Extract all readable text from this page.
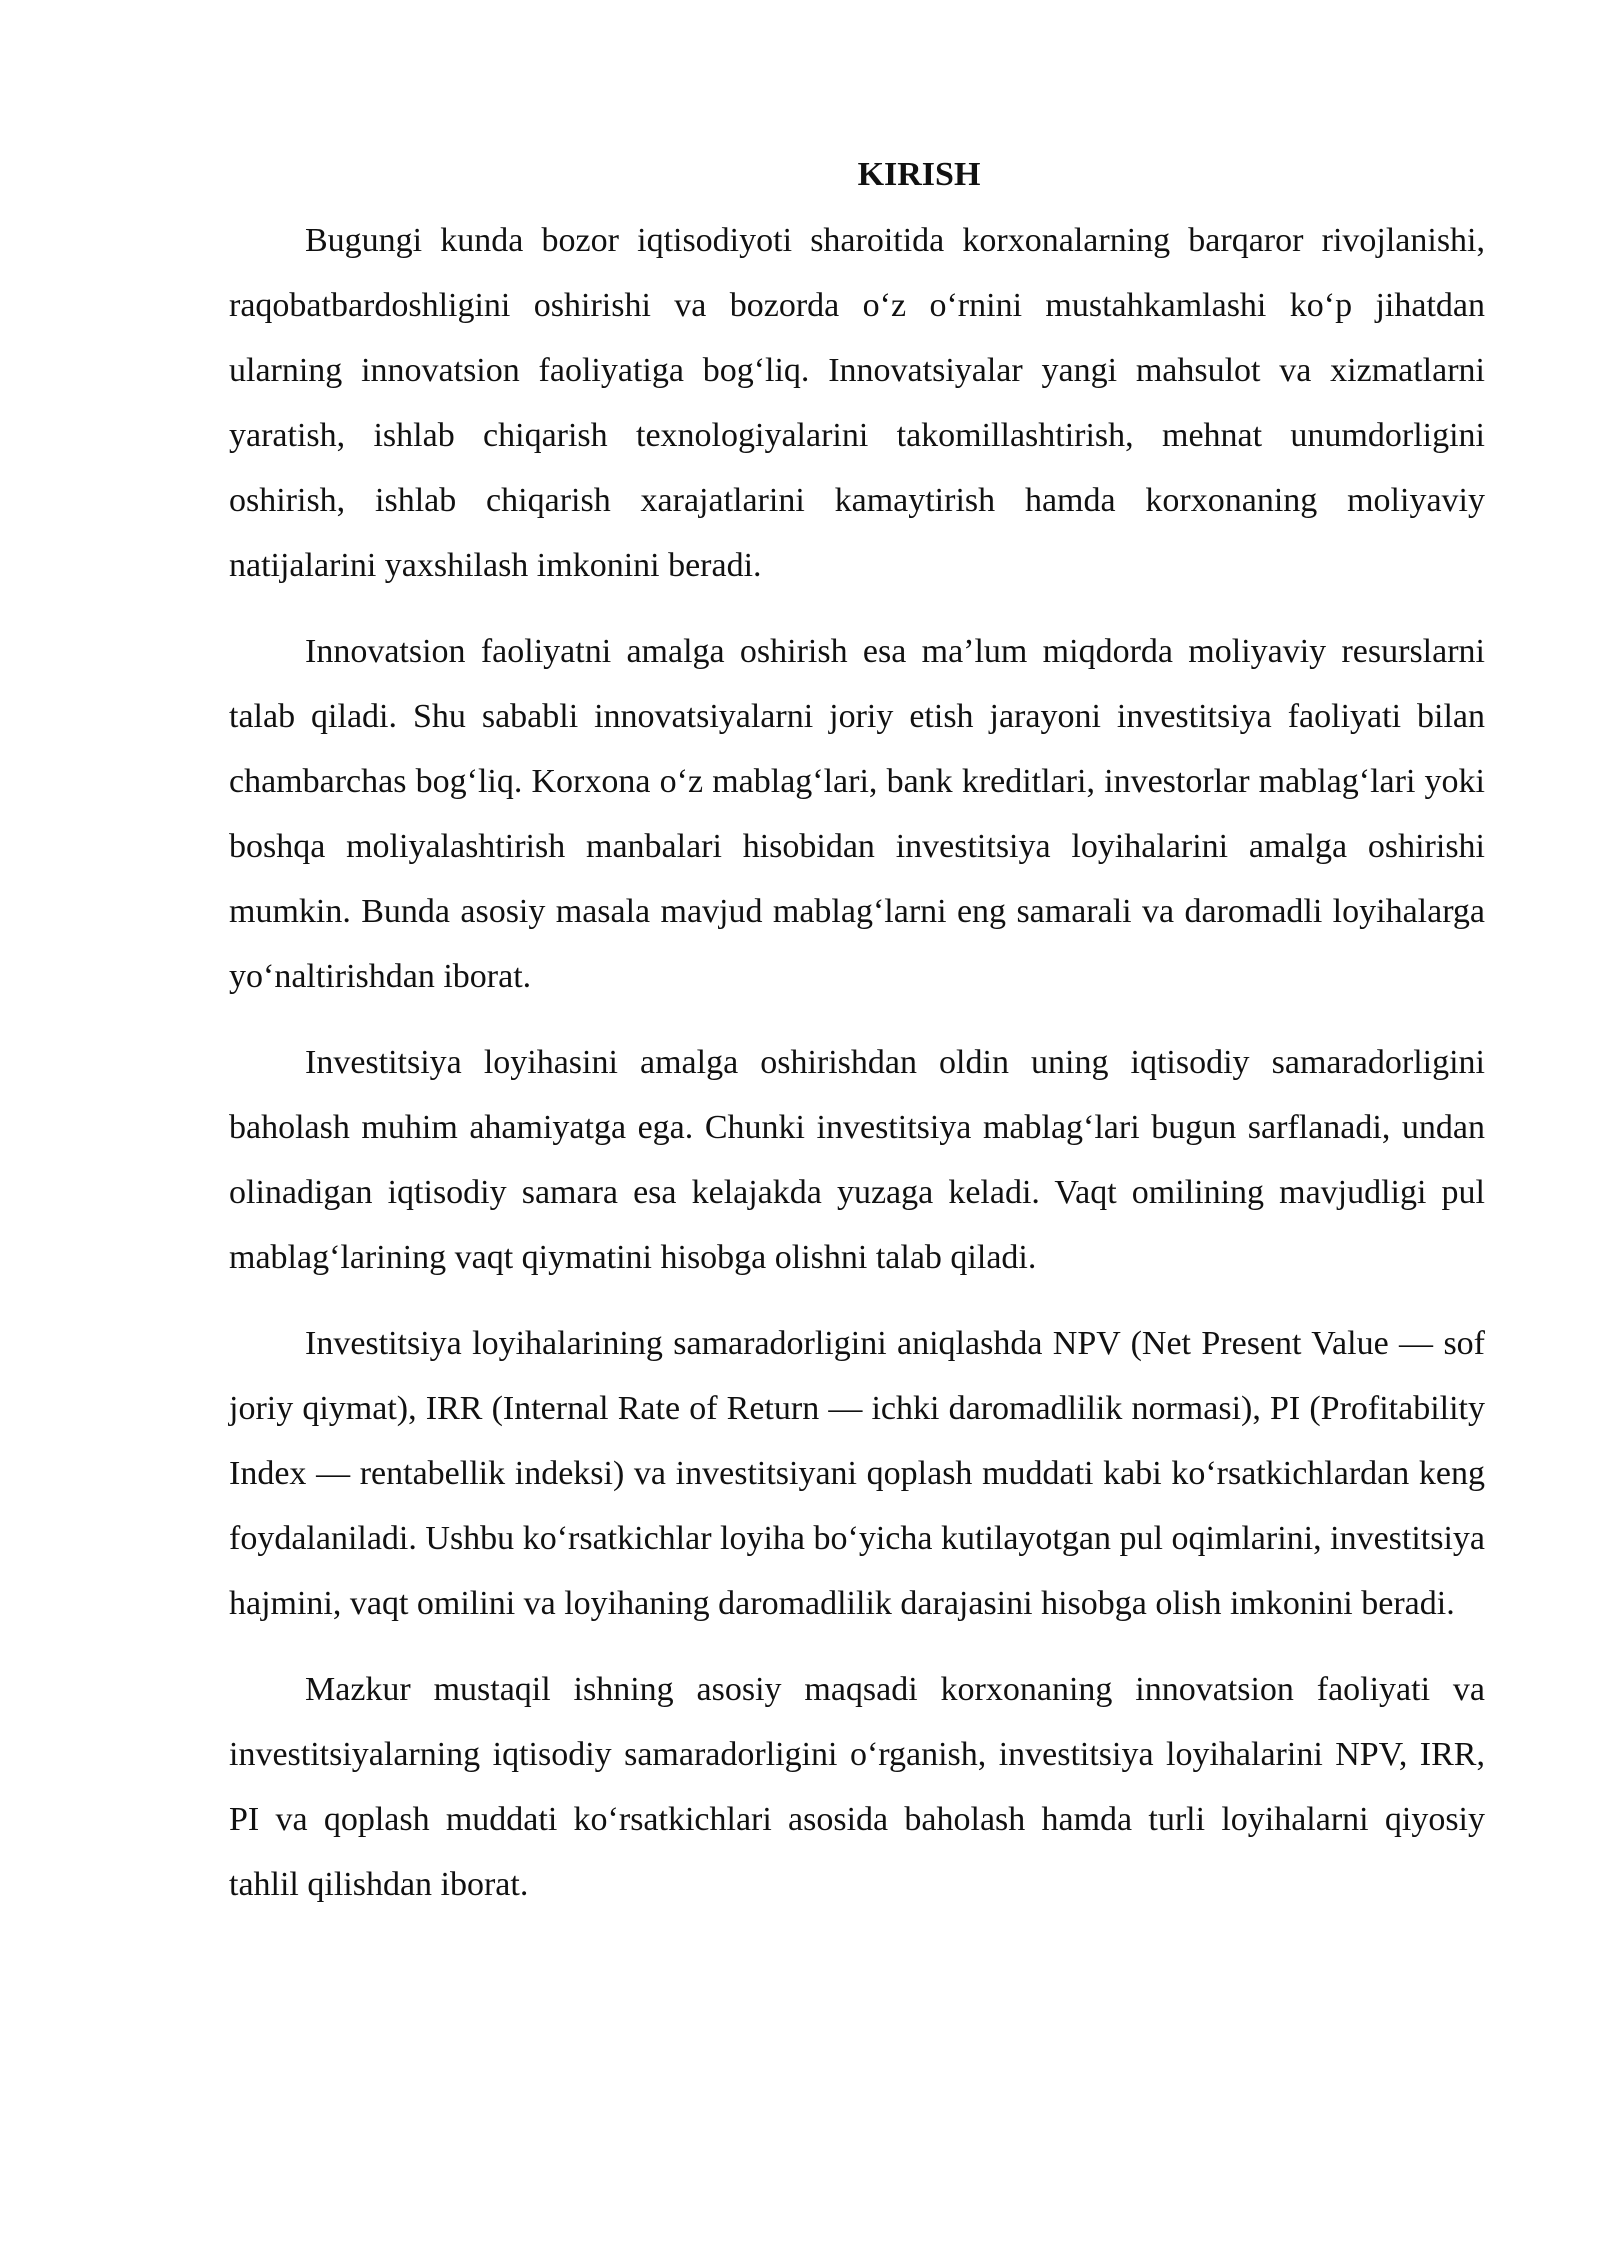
KIRISH

Bugungi kunda bozor iqtisodiyoti sharoitida korxonalarning barqaror rivojlanishi, raqobatbardoshligini oshirishi va bozorda o‘z o‘rnini mustahkamlashi ko‘p jihatdan ularning innovatsion faoliyatiga bog‘liq. Innovatsiyalar yangi mahsulot va xizmatlarni yaratish, ishlab chiqarish texnologiyalarini takomillashtirish, mehnat unumdorligini oshirish, ishlab chiqarish xarajatlarini kamaytirish hamda korxonaning moliyaviy natijalarini yaxshilash imkonini beradi.

Innovatsion faoliyatni amalga oshirish esa ma’lum miqdorda moliyaviy resurslarni talab qiladi. Shu sababli innovatsiyalarni joriy etish jarayoni investitsiya faoliyati bilan chambarchas bog‘liq. Korxona o‘z mablag‘lari, bank kreditlari, investorlar mablag‘lari yoki boshqa moliyalashtirish manbalari hisobidan investitsiya loyihalarini amalga oshirishi mumkin. Bunda asosiy masala mavjud mablag‘larni eng samarali va daromadli loyihalarga yo‘naltirishdan iborat.

Investitsiya loyihasini amalga oshirishdan oldin uning iqtisodiy samaradorligini baholash muhim ahamiyatga ega. Chunki investitsiya mablag‘lari bugun sarflanadi, undan olinadigan iqtisodiy samara esa kelajakda yuzaga keladi. Vaqt omilining mavjudligi pul mablag‘larining vaqt qiymatini hisobga olishni talab qiladi.

Investitsiya loyihalarining samaradorligini aniqlashda NPV (Net Present Value — sof joriy qiymat), IRR (Internal Rate of Return — ichki daromadlilik normasi), PI (Profitability Index — rentabellik indeksi) va investitsiyani qoplash muddati kabi ko‘rsatkichlardan keng foydalaniladi. Ushbu ko‘rsatkichlar loyiha bo‘yicha kutilayotgan pul oqimlarini, investitsiya hajmini, vaqt omilini va loyihaning daromadlilik darajasini hisobga olish imkonini beradi.

Mazkur mustaqil ishning asosiy maqsadi korxonaning innovatsion faoliyati va investitsiyalarning iqtisodiy samaradorligini o‘rganish, investitsiya loyihalarini NPV, IRR, PI va qoplash muddati ko‘rsatkichlari asosida baholash hamda turli loyihalarni qiyosiy tahlil qilishdan iborat.
